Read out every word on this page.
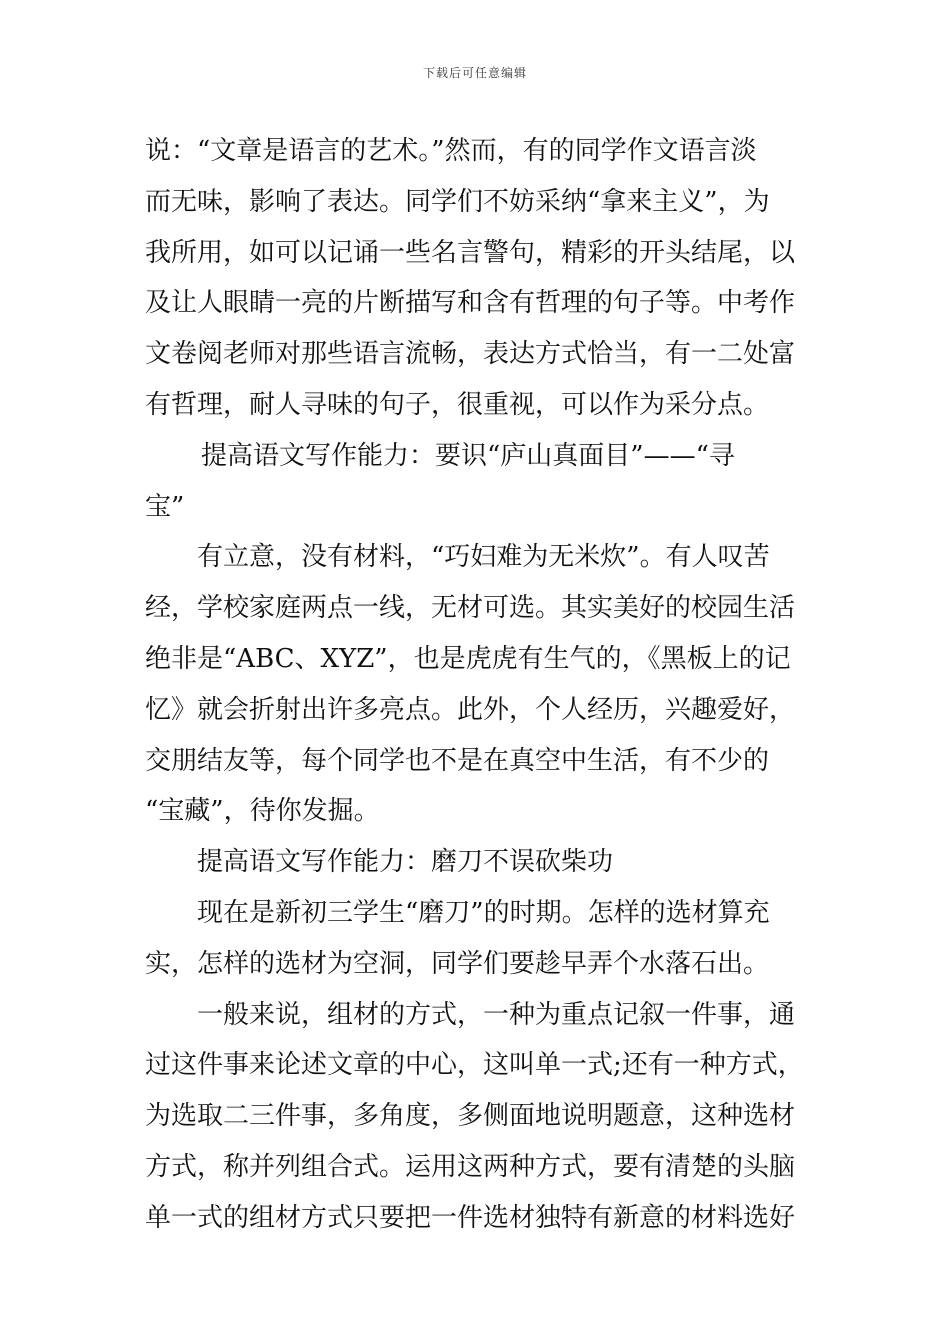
下载后可任意编辑

说：“文章是语言的艺术。”然而，有的同学作文语言淡
而无味，影响了表达。同学们不妨采纳“拿来主义”，为
我所用，如可以记诵一些名言警句，精彩的开头结尾，以
及让人眼睛一亮的片断描写和含有哲理的句子等。中考作
文卷阅老师对那些语言流畅，表达方式恰当，有一二处富
有哲理，耐人寻味的句子，很重视，可以作为采分点。

提高语文写作能力：要识“庐山真面目”——“寻
宝”

有立意，没有材料，“巧妇难为无米炊”。有人叹苦
经，学校家庭两点一线，无材可选。其实美好的校园生活
绝非是“ABC、XYZ”，也是虎虎有生气的，《黑板上的记
忆》就会折射出许多亮点。此外，个人经历，兴趣爱好，
交朋结友等，每个同学也不是在真空中生活，有不少的
“宝藏”，待你发掘。

提高语文写作能力：磨刀不误砍柴功

现在是新初三学生“磨刀”的时期。怎样的选材算充
实，怎样的选材为空洞，同学们要趁早弄个水落石出。

一般来说，组材的方式，一种为重点记叙一件事，通
过这件事来论述文章的中心，这叫单一式;还有一种方式，
为选取二三件事，多角度，多侧面地说明题意，这种选材
方式，称并列组合式。运用这两种方式，要有清楚的头脑
单一式的组材方式只要把一件选材独特有新意的材料选好
